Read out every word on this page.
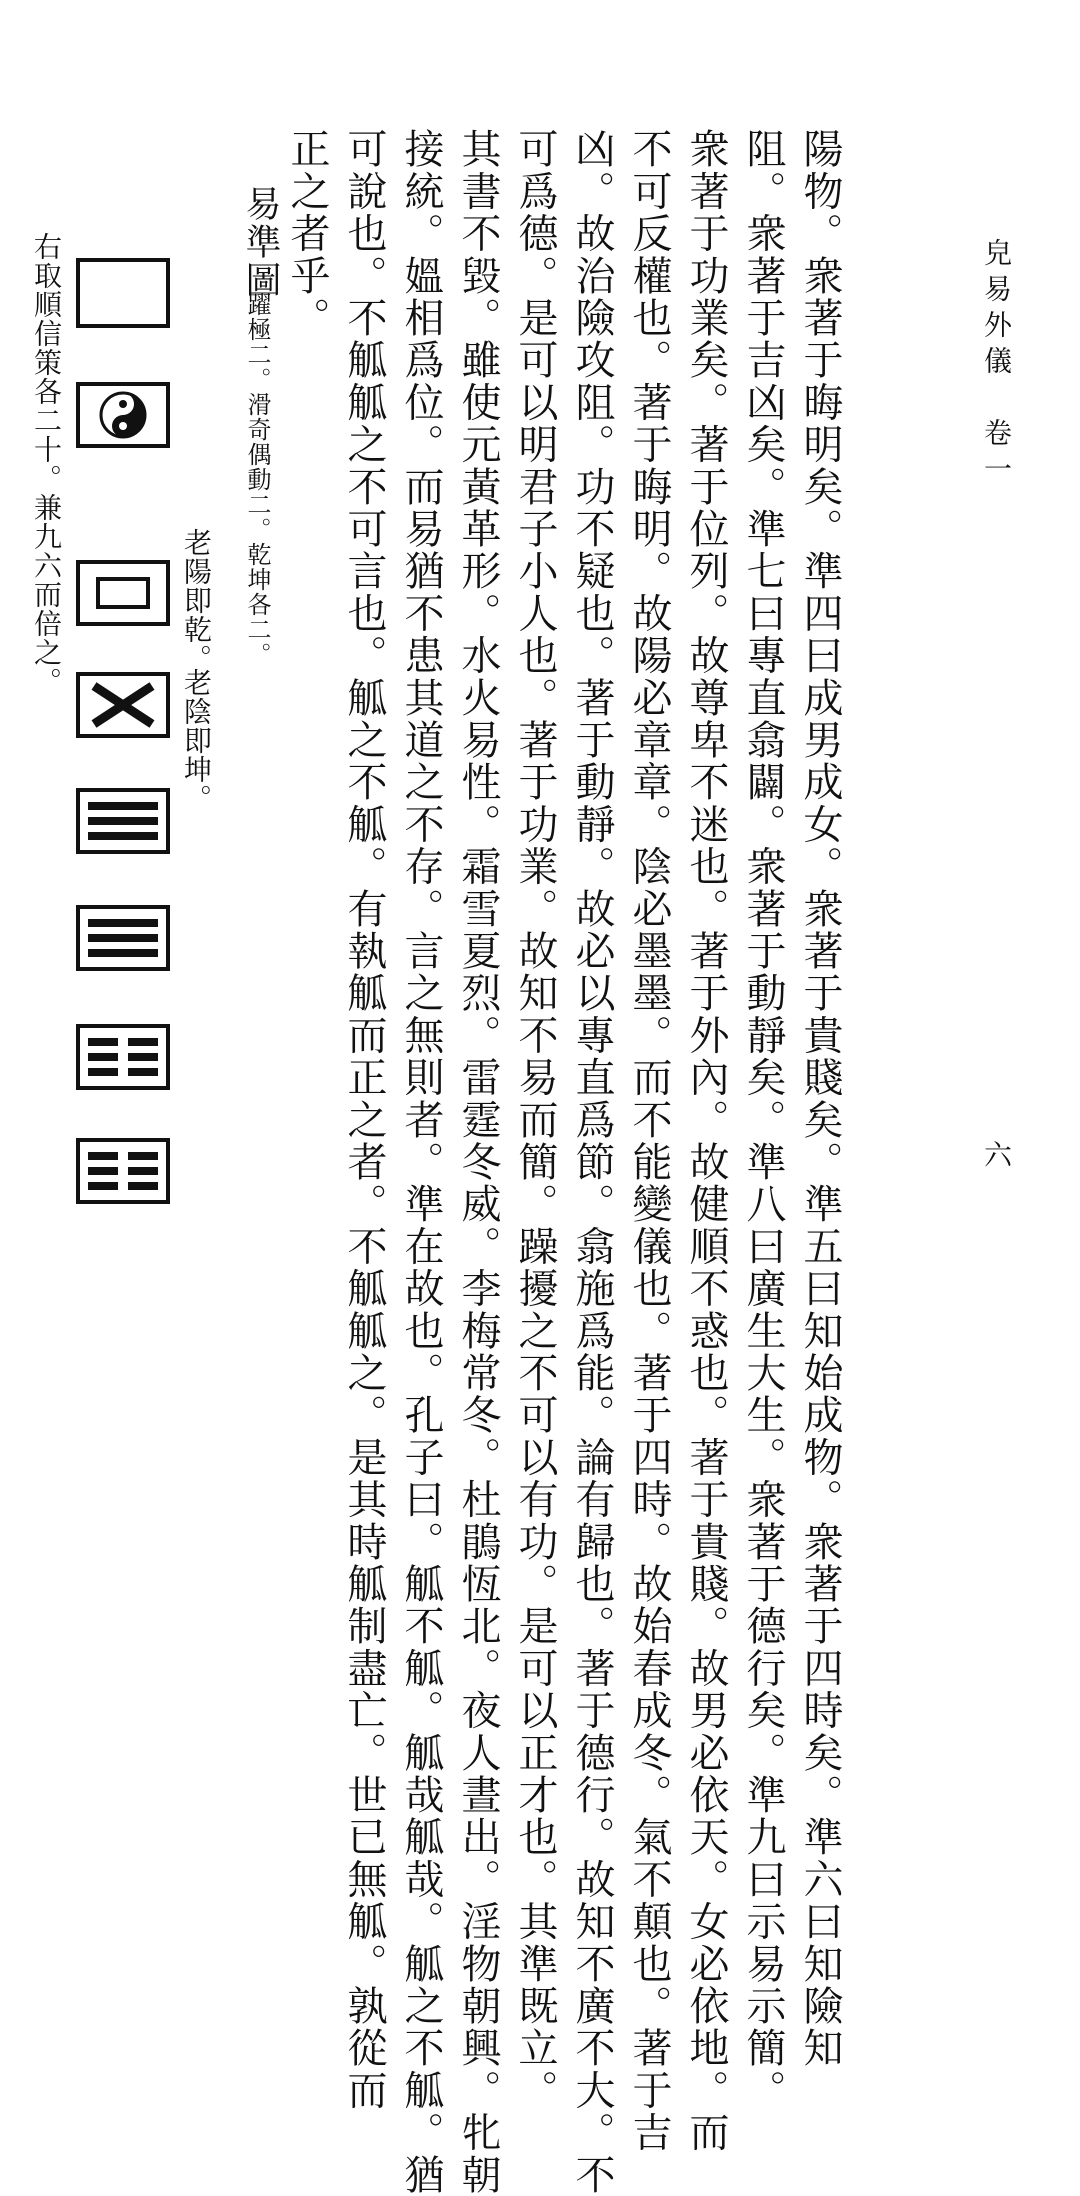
皃易外儀　卷一
六
陽物。衆著于晦明矣。準四曰成男成女。衆著于貴賤矣。準五曰知始成物。衆著于四時矣。準六曰知險知
阻。衆著于吉凶矣。準七曰專直翕闢。衆著于動靜矣。準八曰廣生大生。衆著于德行矣。準九曰示易示簡。
衆著于功業矣。著于位列。故尊卑不迷也。著于外內。故健順不惑也。著于貴賤。故男必依天。女必依地。而
不可反權也。著于晦明。故陽必章章。陰必墨墨。而不能變儀也。著于四時。故始春成冬。氣不顛也。著于吉
凶。故治險攻阻。功不疑也。著于動靜。故必以專直爲節。翕施爲能。論有歸也。著于德行。故知不廣不大。不
可爲德。是可以明君子小人也。著于功業。故知不易而簡。躁擾之不可以有功。是可以正才也。其準既立。
其書不毀。雖使元黃革形。水火易性。霜雪夏烈。雷霆冬威。李梅常冬。杜鵑恆北。夜人晝出。淫物朝興。牝朝
接統。媼相爲位。而易猶不患其道之不存。言之無則者。準在故也。孔子曰。觚不觚。觚哉觚哉。觚之不觚。猶
可說也。不觚觚之不可言也。觚之不觚。有執觚而正之者。不觚觚之。是其時觚制盡亡。世已無觚。孰從而
正之者乎。
易準圖
躍極二。滑奇偶動二。乾坤各二。
老陽即乾。
老陰即坤。
右取順信策各二十。兼九六而倍之。
